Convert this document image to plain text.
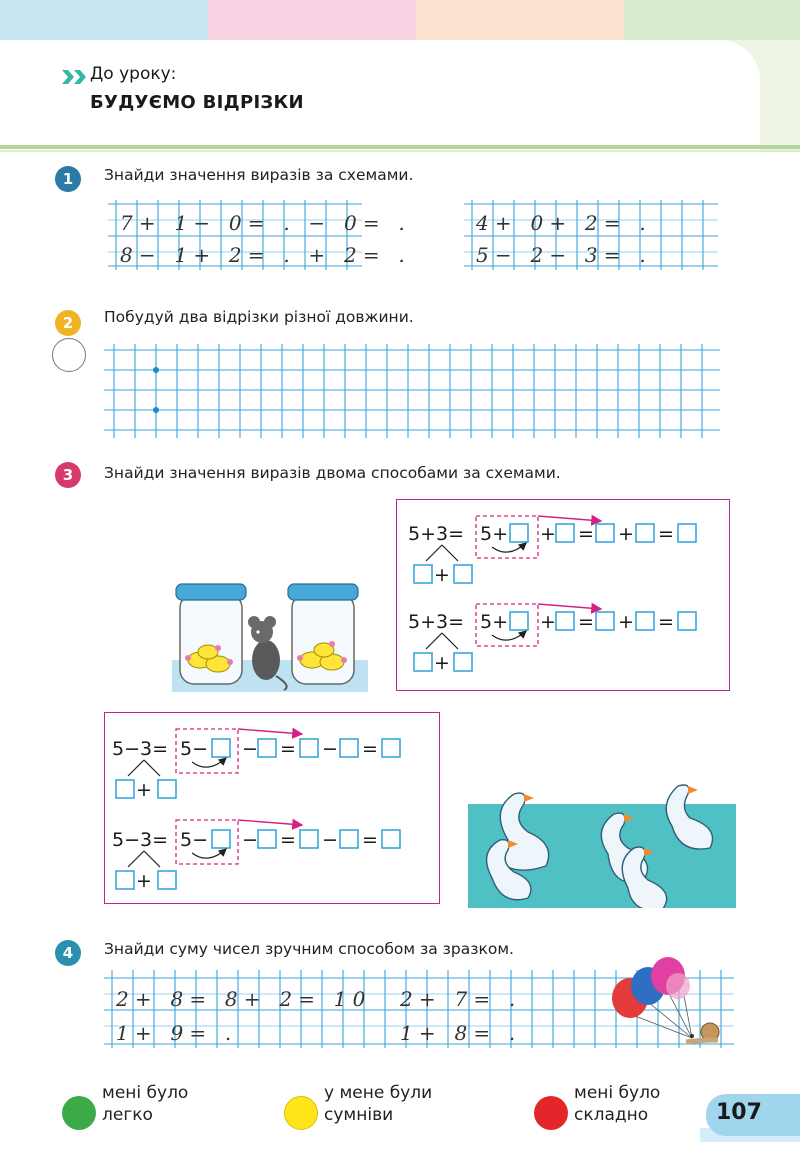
До уроку:
БУДУЄМО ВІДРІЗКИ
1	Знайди значення виразів за схемами.
7+ 1− 0= . − 0= .
8− 1+ 2= . + 2= .
4+ 0+ 2= .
5− 2− 3= .
2	Побудуй два відрізки різної довжини.
3	Знайди значення виразів двома способами за схемами.
5+3= 5+ + = + =
+
5+3= 5+ + = + =
+
5−3= 5− − = − =
+
5−3= 5− − = − =
+
4	Знайди суму чисел зручним способом за зразком.
2+ 8= 8+ 2= 10
1+ 9= .
2+ 7= .
1+ 8= .
мені було
легко
у мене були
сумніви
мені було
складно	107
